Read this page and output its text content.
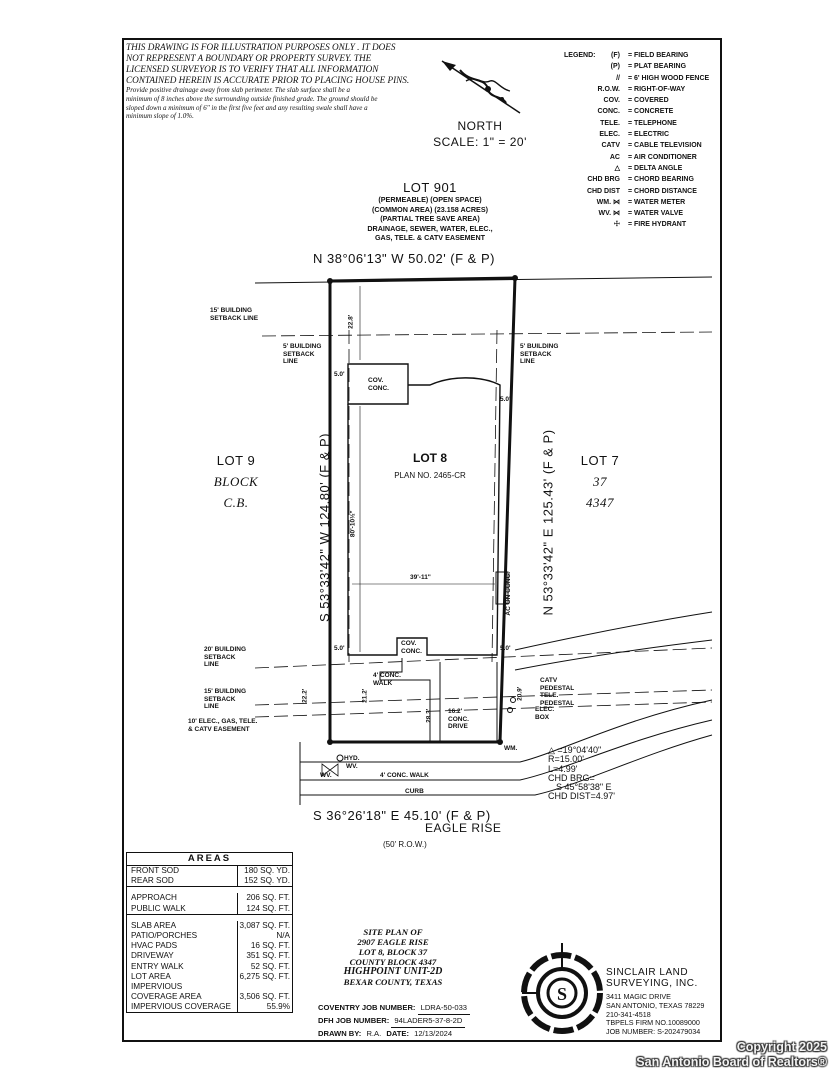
THIS DRAWING IS FOR ILLUSTRATION PURPOSES ONLY . IT DOES
NOT REPRESENT A BOUNDARY OR PROPERTY SURVEY. THE
LICENSED SURVEYOR IS TO VERIFY THAT ALL INFORMATION
CONTAINED HEREIN IS ACCURATE PRIOR TO PLACING HOUSE PINS.
Provide positive drainage away from slab perimeter. The slab surface shall be a
minimum of 8 inches above the surrounding outside finished grade. The ground should be
sloped down a minimum of 6" in the first five feet and any resulting swale shall have a
minimum slope of 1.0%.
LEGEND:	(F)	= FIELD BEARING
(P)	= PLAT BEARING
//	= 6' HIGH WOOD FENCE
R.O.W.	= RIGHT-OF-WAY
COV.	= COVERED
CONC.	= CONCRETE
TELE.	= TELEPHONE
ELEC.	= ELECTRIC
CATV	= CABLE TELEVISION
AC	= AIR CONDITIONER
△	= DELTA ANGLE
CHD BRG	= CHORD BEARING
CHD DIST	= CHORD DISTANCE
WM. ⋈	= WATER METER
WV. ⋈	= WATER VALVE
☩	= FIRE HYDRANT
NORTH
SCALE: 1" = 20'
LOT 901
(PERMEABLE) (OPEN SPACE)
(COMMON AREA) (23.158 ACRES)
(PARTIAL TREE SAVE AREA)
DRAINAGE, SEWER, WATER, ELEC.,
GAS, TELE. & CATV EASEMENT
N 38°06'13" W 50.02' (F & P)
S 36°26'18" E 45.10' (F & P)
S 53°33'42" W 124.80' (F & P)	N 53°33'42" E 125.43' (F & P)
EAGLE RISE
(50' R.O.W.)
LOT 9
BLOCK
C.B.
LOT 7
37
4347
LOT 8
PLAN NO. 2465-CR
15' BUILDING SETBACK LINE
5' BUILDING SETBACK LINE
5' BUILDING SETBACK LINE
20' BUILDING SETBACK LINE
15' BUILDING SETBACK LINE
10' ELEC., GAS, TELE. & CATV EASEMENT
COV. CONC.
COV. CONC.
AC ON CONC.
4' CONC. WALK
16.2' CONC. DRIVE
CATV PEDESTAL
TELE. PEDESTAL
ELEC. BOX
HYD.
WV.
WM.
WV.	4' CONC. WALK
CURB
22.8'
5.0'
5.0'
5.0'	5.0'
80'-10½"
39'-11"
22.2'	21.2'
28.3'
20.9'
△ =19°04'40"
R=15.00'
L=4.99'
CHD BRG=
S 45°58'38" E
CHD DIST=4.97'
AREAS
FRONT SOD	180 SQ. YD.
REAR SOD	152 SQ. YD.
APPROACH	206 SQ. FT.
PUBLIC WALK	124 SQ. FT.
SLAB AREA	3,087 SQ. FT.
PATIO/PORCHES	N/A
HVAC PADS	16 SQ. FT.
DRIVEWAY	351 SQ. FT.
ENTRY WALK	52 SQ. FT.
LOT AREA	6,275 SQ. FT.
IMPERVIOUS
COVERAGE AREA	3,506 SQ. FT.
IMPERVIOUS COVERAGE	55.9%
SITE PLAN OF
2907 EAGLE RISE
LOT 8, BLOCK 37
COUNTY BLOCK 4347
HIGHPOINT UNIT-2D
BEXAR COUNTY, TEXAS
COVENTRY JOB NUMBER: LDRA-50-033
DFH JOB NUMBER: 94LADER5-37-8-2D
DRAWN BY: R.A. DATE: 12/13/2024
S
SINCLAIR LAND
SURVEYING, INC.
3411 MAGIC DRIVE
SAN ANTONIO, TEXAS 78229
210-341-4518
TBPELS FIRM NO.10089000
JOB NUMBER: S-202479034
Copyright 2025
San Antonio Board of Realtors®
